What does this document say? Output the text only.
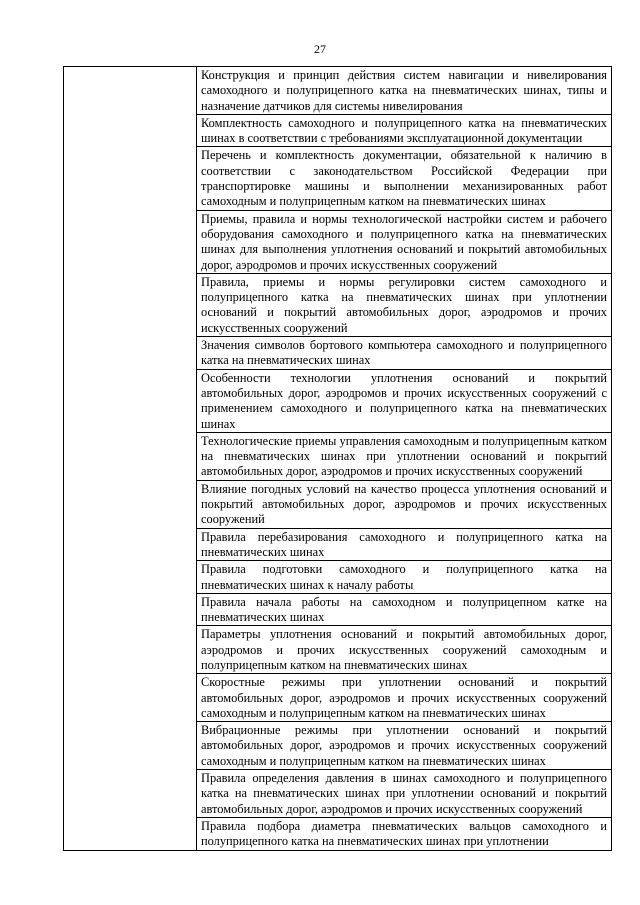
27
	Конструкция и принцип действия систем навигации и нивелирования самоходного и полуприцепного катка на пневматических шинах, типы и назначение датчиков для системы нивелирования
Комплектность самоходного и полуприцепного катка на пневматических шинах в соответствии с требованиями эксплуатационной документации
Перечень и комплектность документации, обязательной к наличию в соответствии с законодательством Российской Федерации при транспортировке машины и выполнении механизированных работ самоходным и полуприцепным катком на пневматических шинах
Приемы, правила и нормы технологической настройки систем и рабочего оборудования самоходного и полуприцепного катка на пневматических шинах для выполнения уплотнения оснований и покрытий автомобильных дорог, аэродромов и прочих искусственных сооружений
Правила, приемы и нормы регулировки систем самоходного и полуприцепного катка на пневматических шинах при уплотнении оснований и покрытий автомобильных дорог, аэродромов и прочих искусственных сооружений
Значения символов бортового компьютера самоходного и полуприцепного катка на пневматических шинах
Особенности технологии уплотнения оснований и покрытий автомобильных дорог, аэродромов и прочих искусственных сооружений с применением самоходного и полуприцепного катка на пневматических шинах
Технологические приемы управления самоходным и полуприцепным катком на пневматических шинах при уплотнении оснований и покрытий автомобильных дорог, аэродромов и прочих искусственных сооружений
Влияние погодных условий на качество процесса уплотнения оснований и покрытий автомобильных дорог, аэродромов и прочих искусственных сооружений
Правила перебазирования самоходного и полуприцепного катка на пневматических шинах
Правила подготовки самоходного и полуприцепного катка на пневматических шинах к началу работы
Правила начала работы на самоходном и полуприцепном катке на пневматических шинах
Параметры уплотнения оснований и покрытий автомобильных дорог, аэродромов и прочих искусственных сооружений самоходным и полуприцепным катком на пневматических шинах
Скоростные режимы при уплотнении оснований и покрытий автомобильных дорог, аэродромов и прочих искусственных сооружений самоходным и полуприцепным катком на пневматических шинах
Вибрационные режимы при уплотнении оснований и покрытий автомобильных дорог, аэродромов и прочих искусственных сооружений самоходным и полуприцепным катком на пневматических шинах
Правила определения давления в шинах самоходного и полуприцепного катка на пневматических шинах при уплотнении оснований и покрытий автомобильных дорог, аэродромов и прочих искусственных сооружений
Правила подбора диаметра пневматических вальцов самоходного и полуприцепного катка на пневматических шинах при уплотнении
